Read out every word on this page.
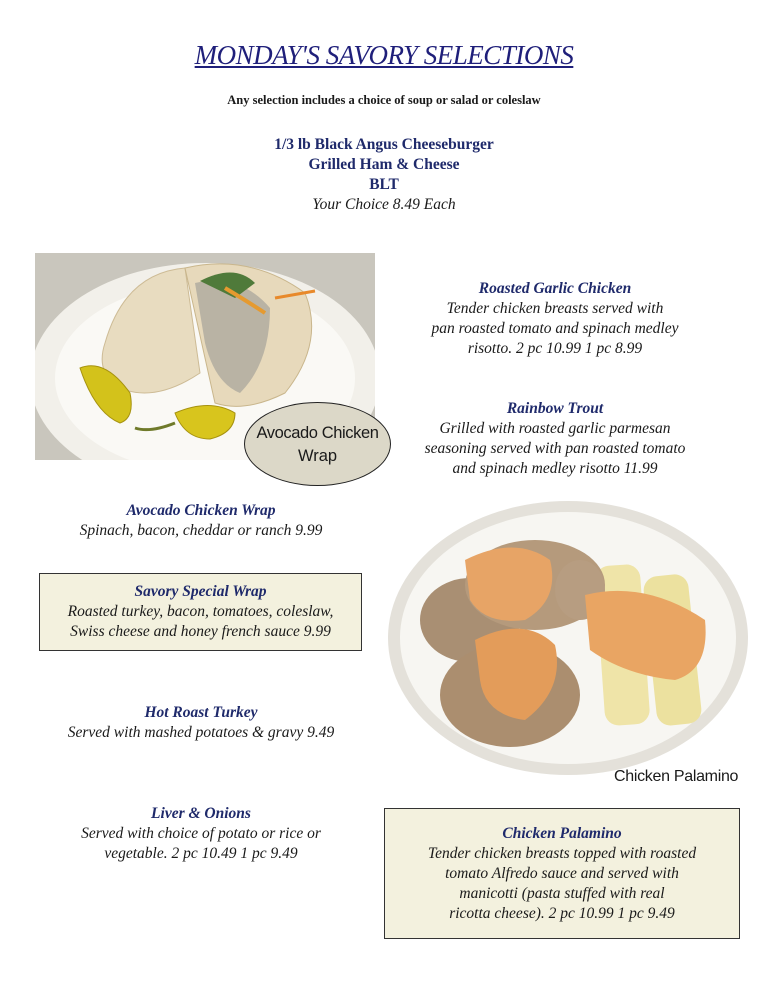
MONDAY'S SAVORY SELECTIONS
Any selection includes a choice of soup or salad or coleslaw
1/3 lb Black Angus Cheeseburger
Grilled Ham & Cheese
BLT
Your Choice 8.49 Each
Avocado Chicken
Wrap
Roasted Garlic Chicken
Tender chicken breasts served with
pan roasted tomato and spinach medley
risotto. 2 pc 10.99 1 pc 8.99
Rainbow Trout
Grilled with roasted garlic parmesan
seasoning served with pan roasted tomato
and spinach medley risotto 11.99
Avocado Chicken Wrap
Spinach, bacon, cheddar or ranch 9.99
Savory Special Wrap
Roasted turkey, bacon, tomatoes, coleslaw,
Swiss cheese and honey french sauce 9.99
Hot Roast Turkey
Served with mashed potatoes & gravy 9.49
Liver & Onions
Served with choice of potato or rice or
vegetable. 2 pc 10.49 1 pc 9.49
Chicken Palamino
Chicken Palamino
Tender chicken breasts topped with roasted
tomato Alfredo sauce and served with
manicotti (pasta stuffed with real
ricotta cheese). 2 pc 10.99 1 pc 9.49
